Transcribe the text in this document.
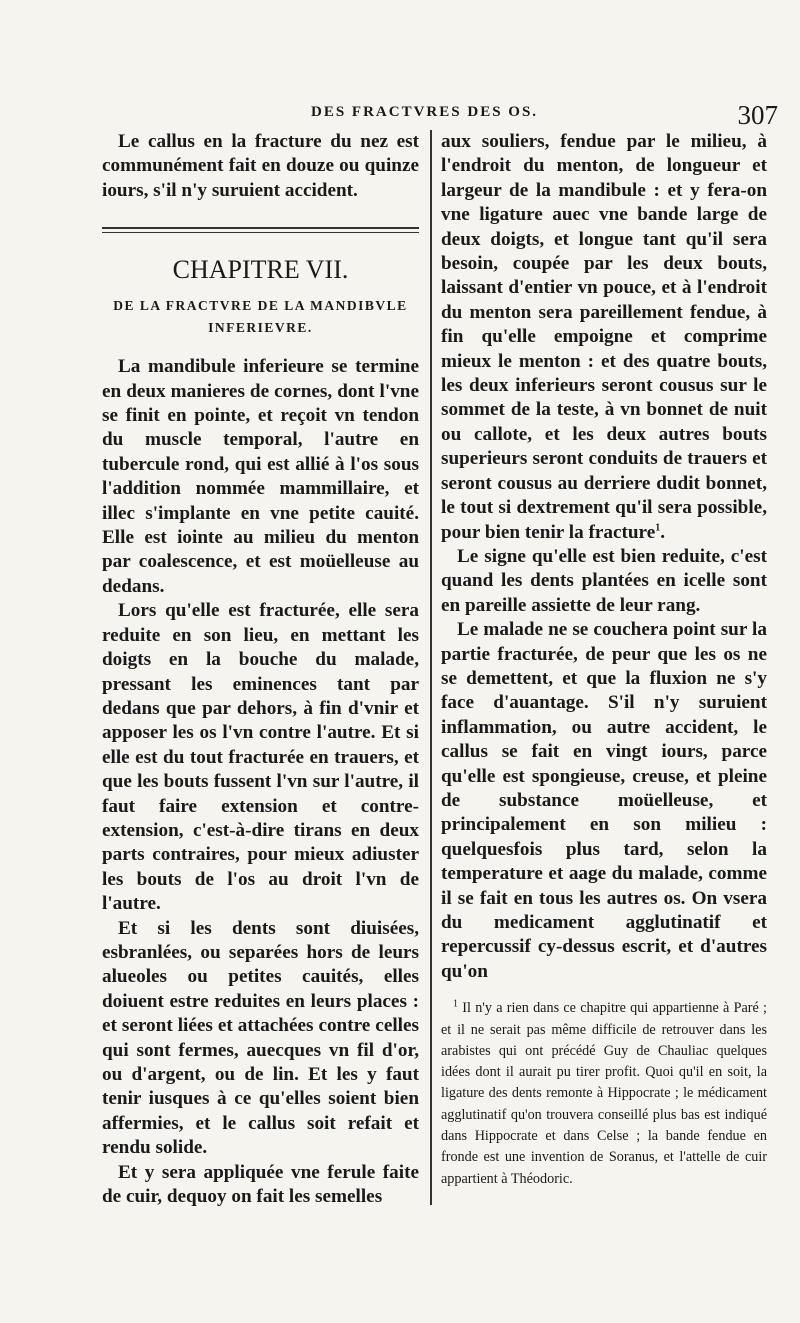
DES FRACTVRES DES OS.	307

Le callus en la fracture du nez est communément fait en douze ou quinze iours, s'il n'y suruient accident.

CHAPITRE VII.
DE LA FRACTVRE DE LA MANDIBVLE
INFERIEVRE.

La mandibule inferieure se termine en deux manieres de cornes, dont l'vne se finit en pointe, et reçoit vn tendon du muscle temporal, l'autre en tubercule rond, qui est allié à l'os sous l'addition nommée mammillaire, et illec s'implante en vne petite cauité. Elle est iointe au milieu du menton par coalescence, et est moüelleuse au dedans.

Lors qu'elle est fracturée, elle sera reduite en son lieu, en mettant les doigts en la bouche du malade, pressant les eminences tant par dedans que par dehors, à fin d'vnir et apposer les os l'vn contre l'autre. Et si elle est du tout fracturée en trauers, et que les bouts fussent l'vn sur l'autre, il faut faire extension et contre-extension, c'est-à-dire tirans en deux parts contraires, pour mieux adiuster les bouts de l'os au droit l'vn de l'autre.

Et si les dents sont diuisées, esbranlées, ou separées hors de leurs alueoles ou petites cauités, elles doiuent estre reduites en leurs places : et seront liées et attachées contre celles qui sont fermes, auecques vn fil d'or, ou d'argent, ou de lin. Et les y faut tenir iusques à ce qu'elles soient bien affermies, et le callus soit refait et rendu solide.

Et y sera appliquée vne ferule faite de cuir, dequoy on fait les semelles

aux souliers, fendue par le milieu, à l'endroit du menton, de longueur et largeur de la mandibule : et y fera-on vne ligature auec vne bande large de deux doigts, et longue tant qu'il sera besoin, coupée par les deux bouts, laissant d'entier vn pouce, et à l'endroit du menton sera pareillement fendue, à fin qu'elle empoigne et comprime mieux le menton : et des quatre bouts, les deux inferieurs seront cousus sur le sommet de la teste, à vn bonnet de nuit ou callote, et les deux autres bouts superieurs seront conduits de trauers et seront cousus au derriere dudit bonnet, le tout si dextrement qu'il sera possible, pour bien tenir la fracture$^1$.

Le signe qu'elle est bien reduite, c'est quand les dents plantées en icelle sont en pareille assiette de leur rang.

Le malade ne se couchera point sur la partie fracturée, de peur que les os ne se demettent, et que la fluxion ne s'y face d'auantage. S'il n'y suruient inflammation, ou autre accident, le callus se fait en vingt iours, parce qu'elle est spongieuse, creuse, et pleine de substance moüelleuse, et principalement en son milieu : quelquesfois plus tard, selon la temperature et aage du malade, comme il se fait en tous les autres os. On vsera du medicament agglutinatif et repercussif cy-dessus escrit, et d'autres qu'on

$^1$ Il n'y a rien dans ce chapitre qui appartienne à Paré ; et il ne serait pas même difficile de retrouver dans les arabistes qui ont précédé Guy de Chauliac quelques idées dont il aurait pu tirer profit. Quoi qu'il en soit, la ligature des dents remonte à Hippocrate ; le médicament agglutinatif qu'on trouvera conseillé plus bas est indiqué dans Hippocrate et dans Celse ; la bande fendue en fronde est une invention de Soranus, et l'attelle de cuir appartient à Théodoric.
